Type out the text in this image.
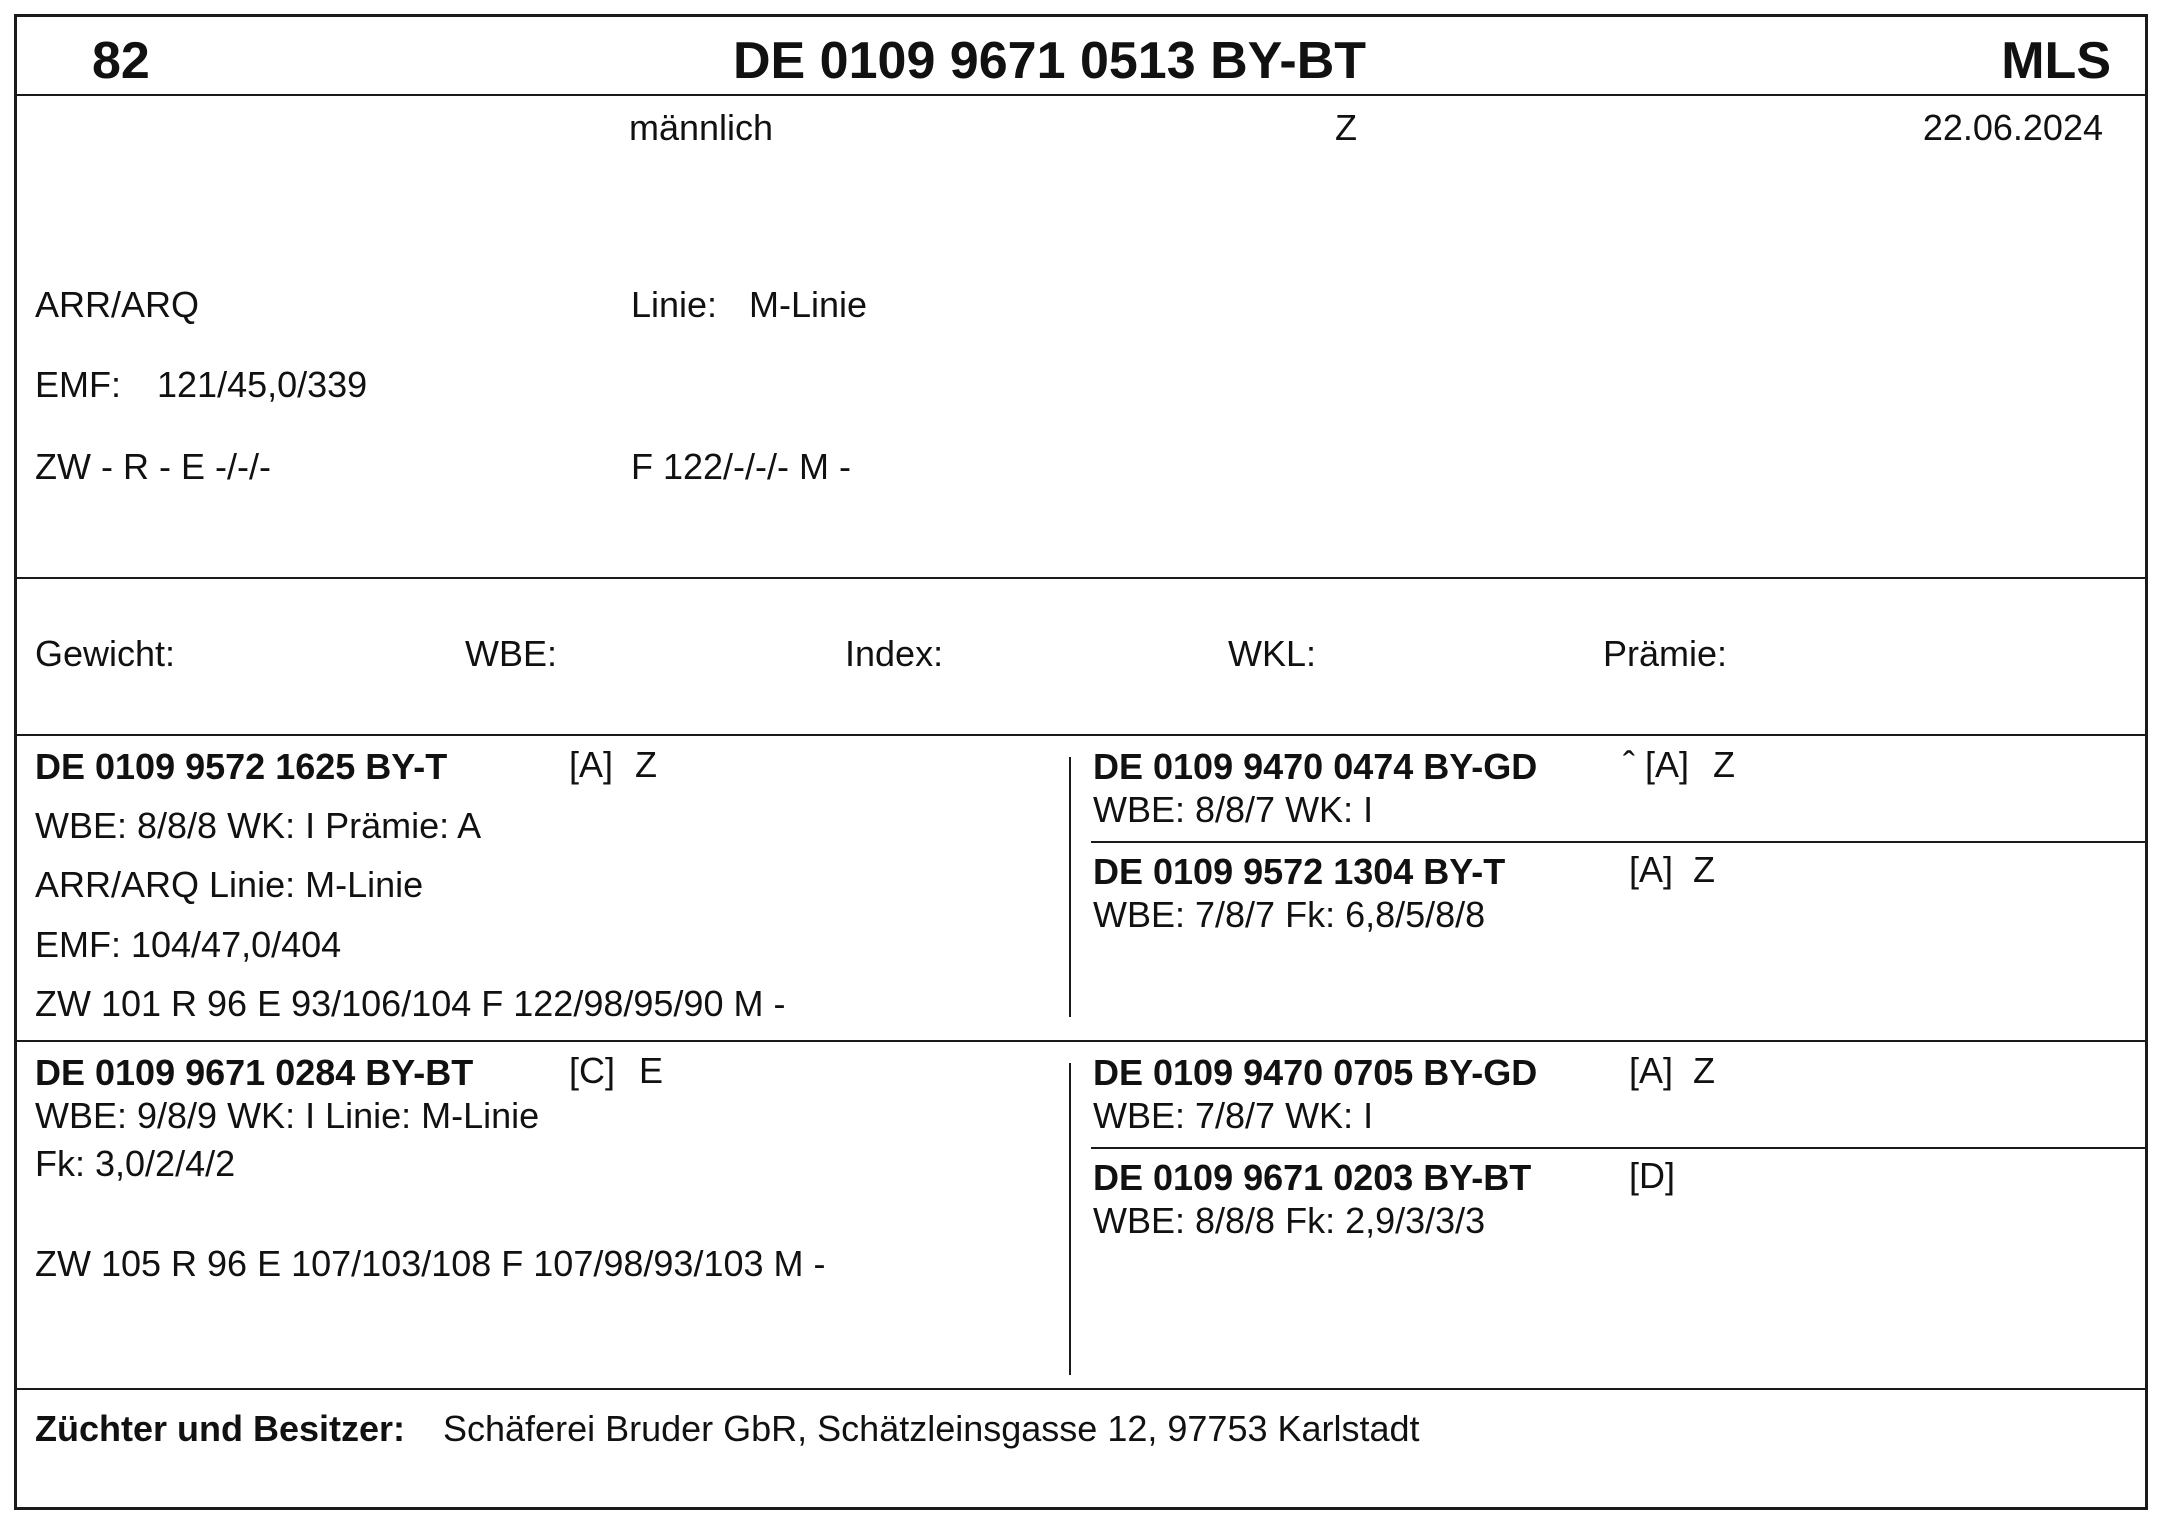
82	DE 0109 9671 0513 BY-BT	MLS
männlich	Z	22.06.2024
ARR/ARQ	Linie: M-Linie
EMF: 121/45,0/339
ZW - R - E -/-/-	F 122/-/-/- M -
Gewicht:	WBE:	Index:	WKL:	Prämie:
DE 0109 9572 1625 BY-T	[A] Z
WBE: 8/8/8 WK: I Prämie: A
ARR/ARQ Linie: M-Linie
EMF: 104/47,0/404
ZW 101 R 96 E 93/106/104 F 122/98/95/90 M -
DE 0109 9470 0474 BY-GD ˆ [A] Z
WBE: 8/8/7 WK: I
DE 0109 9572 1304 BY-T	[A] Z
WBE: 7/8/7 Fk: 6,8/5/8/8
DE 0109 9671 0284 BY-BT	[C] E
WBE: 9/8/9 WK: I Linie: M-Linie
Fk: 3,0/2/4/2
ZW 105 R 96 E 107/103/108 F 107/98/93/103 M -
DE 0109 9470 0705 BY-GD	[A] Z
WBE: 7/8/7 WK: I
DE 0109 9671 0203 BY-BT	[D]
WBE: 8/8/8 Fk: 2,9/3/3/3
Züchter und Besitzer: Schäferei Bruder GbR, Schätzleinsgasse 12, 97753 Karlstadt
